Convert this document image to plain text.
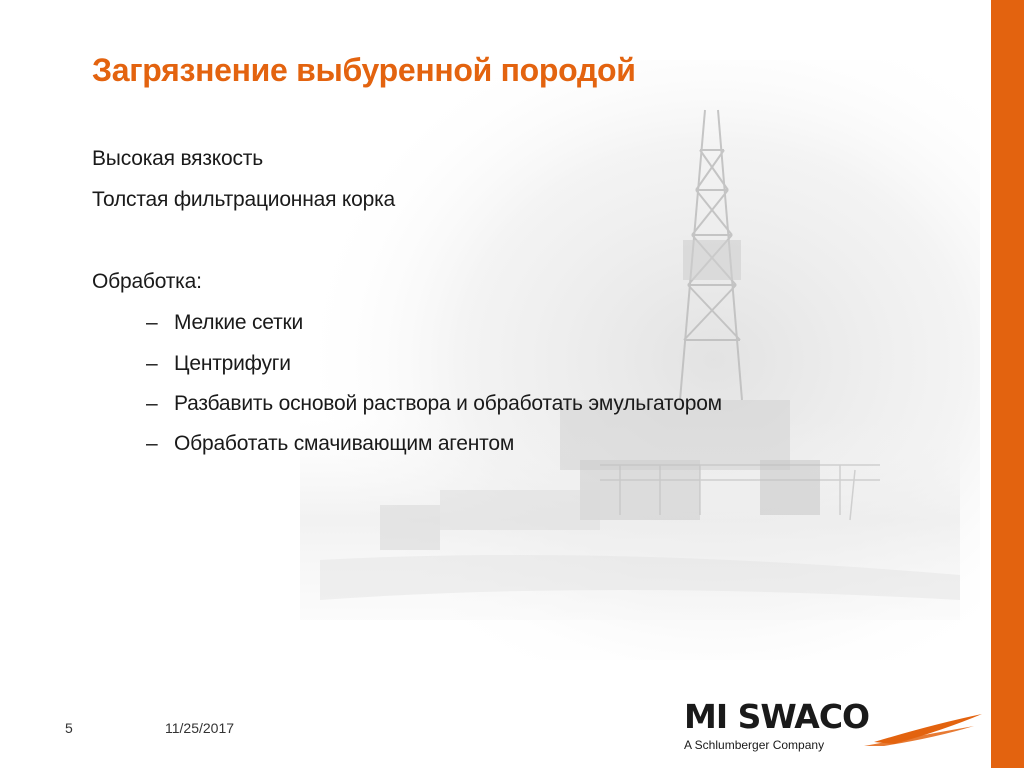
Загрязнение выбуренной породой
Высокая вязкость
Толстая фильтрационная корка
Обработка:
– Мелкие сетки
– Центрифуги
– Разбавить основой раствора и обработать эмульгатором
– Обработать смачивающим агентом
5	11/25/2017	MI SWACO
A Schlumberger Company
